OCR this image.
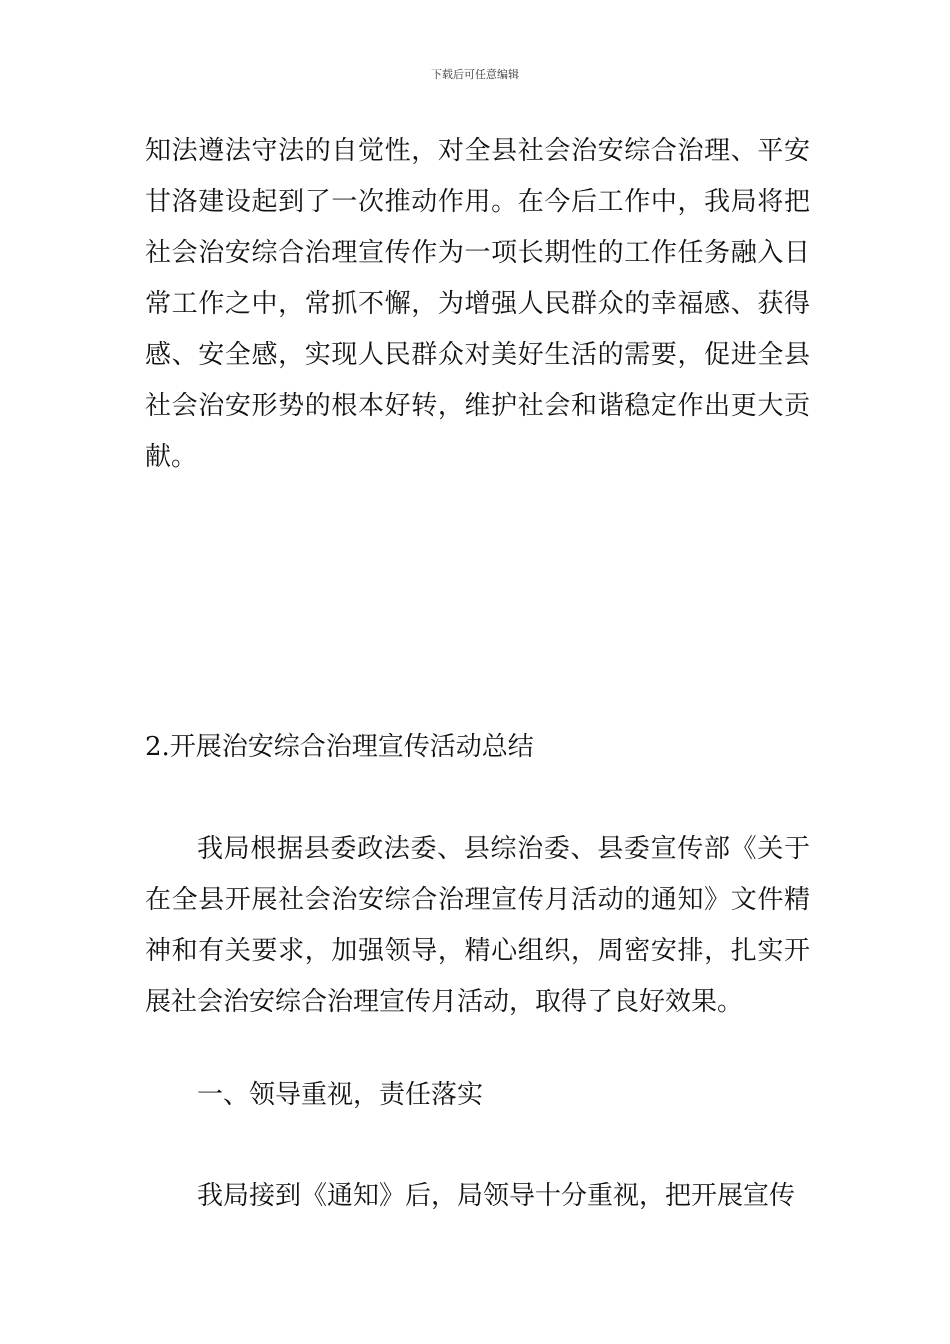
下载后可任意编辑

知法遵法守法的自觉性，对全县社会治安综合治理、平安甘洛建设起到了一次推动作用。在今后工作中，我局将把社会治安综合治理宣传作为一项长期性的工作任务融入日常工作之中，常抓不懈，为增强人民群众的幸福感、获得感、安全感，实现人民群众对美好生活的需要，促进全县社会治安形势的根本好转，维护社会和谐稳定作出更大贡献。

2.开展治安综合治理宣传活动总结

我局根据县委政法委、县综治委、县委宣传部《关于在全县开展社会治安综合治理宣传月活动的通知》文件精神和有关要求，加强领导，精心组织，周密安排，扎实开展社会治安综合治理宣传月活动，取得了良好效果。

一、领导重视，责任落实

我局接到《通知》后，局领导十分重视，把开展宣传
